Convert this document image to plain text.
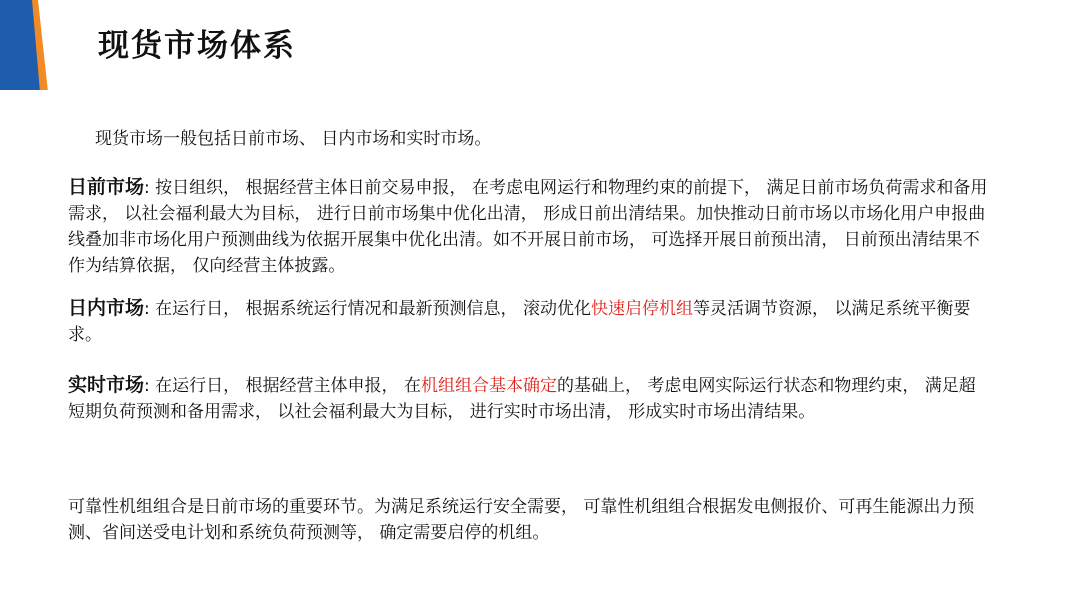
现货市场体系

现货市场一般包括日前市场、 日内市场和实时市场。

日前市场: 按日组织， 根据经营主体日前交易申报， 在考虑电网运行和物理约束的前提下， 满足日前市场负荷需求和备用需求， 以社会福利最大为目标， 进行日前市场集中优化出清， 形成日前出清结果。加快推动日前市场以市场化用户申报曲线叠加非市场化用户预测曲线为依据开展集中优化出清。如不开展日前市场， 可选择开展日前预出清， 日前预出清结果不作为结算依据， 仅向经营主体披露。

日内市场: 在运行日， 根据系统运行情况和最新预测信息， 滚动优化快速启停机组等灵活调节资源， 以满足系统平衡要求。

实时市场: 在运行日， 根据经营主体申报， 在机组组合基本确定的基础上， 考虑电网实际运行状态和物理约束， 满足超短期负荷预测和备用需求， 以社会福利最大为目标， 进行实时市场出清， 形成实时市场出清结果。

可靠性机组组合是日前市场的重要环节。为满足系统运行安全需要， 可靠性机组组合根据发电侧报价、可再生能源出力预测、省间送受电计划和系统负荷预测等， 确定需要启停的机组。
